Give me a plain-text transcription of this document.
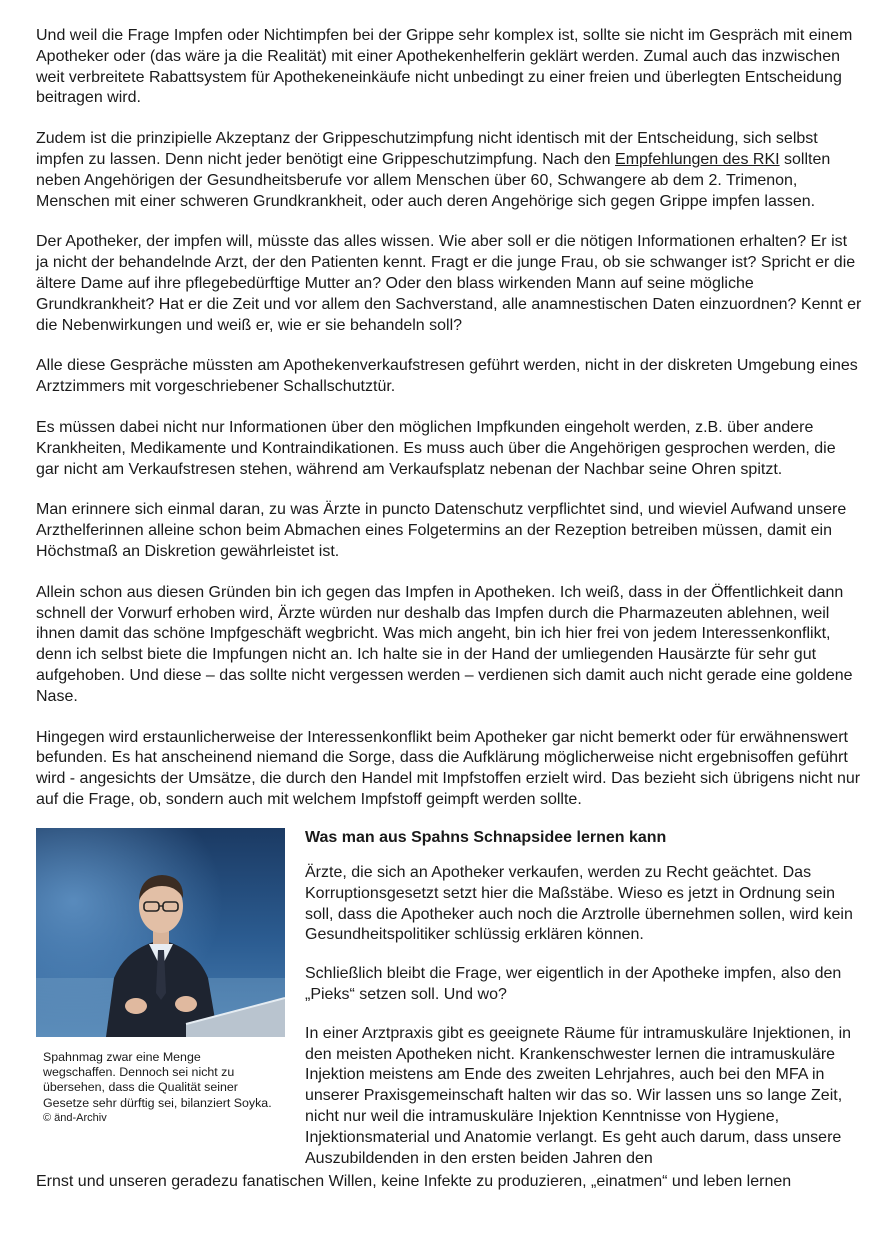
Und weil die Frage Impfen oder Nichtimpfen bei der Grippe sehr komplex ist, sollte sie nicht im Gespräch mit einem Apotheker oder (das wäre ja die Realität) mit einer Apothekenhelferin geklärt werden. Zumal auch das inzwischen weit verbreitete Rabattsystem für Apothekeneinkäufe nicht unbedingt zu einer freien und überlegten Entscheidung beitragen wird.

Zudem ist die prinzipielle Akzeptanz der Grippeschutzimpfung nicht identisch mit der Entscheidung, sich selbst impfen zu lassen. Denn nicht jeder benötigt eine Grippeschutzimpfung. Nach den Empfehlungen des RKI sollten neben Angehörigen der Gesundheitsberufe vor allem Menschen über 60, Schwangere ab dem 2. Trimenon, Menschen mit einer schweren Grundkrankheit, oder auch deren Angehörige sich gegen Grippe impfen lassen.

Der Apotheker, der impfen will, müsste das alles wissen. Wie aber soll er die nötigen Informationen erhalten? Er ist ja nicht der behandelnde Arzt, der den Patienten kennt. Fragt er die junge Frau, ob sie schwanger ist? Spricht er die ältere Dame auf ihre pflegebedürftige Mutter an? Oder den blass wirkenden Mann auf seine mögliche Grundkrankheit? Hat er die Zeit und vor allem den Sachverstand, alle anamnestischen Daten einzuordnen? Kennt er die Nebenwirkungen und weiß er, wie er sie behandeln soll?

Alle diese Gespräche müssten am Apothekenverkaufstresen geführt werden, nicht in der diskreten Umgebung eines Arztzimmers mit vorgeschriebener Schallschutztür.

Es müssen dabei nicht nur Informationen über den möglichen Impfkunden eingeholt werden, z.B. über andere Krankheiten, Medikamente und Kontraindikationen. Es muss auch über die Angehörigen gesprochen werden, die gar nicht am Verkaufstresen stehen, während am Verkaufsplatz nebenan der Nachbar seine Ohren spitzt.

Man erinnere sich einmal daran, zu was Ärzte in puncto Datenschutz verpflichtet sind, und wieviel Aufwand unsere Arzthelferinnen alleine schon beim Abmachen eines Folgetermins an der Rezeption betreiben müssen, damit ein Höchstmaß an Diskretion gewährleistet ist.

Allein schon aus diesen Gründen bin ich gegen das Impfen in Apotheken. Ich weiß, dass in der Öffentlichkeit dann schnell der Vorwurf erhoben wird, Ärzte würden nur deshalb das Impfen durch die Pharmazeuten ablehnen, weil ihnen damit das schöne Impfgeschäft wegbricht. Was mich angeht, bin ich hier frei von jedem Interessenkonflikt, denn ich selbst biete die Impfungen nicht an. Ich halte sie in der Hand der umliegenden Hausärzte für sehr gut aufgehoben. Und diese – das sollte nicht vergessen werden – verdienen sich damit auch nicht gerade eine goldene Nase.

Hingegen wird erstaunlicherweise der Interessenkonflikt beim Apotheker gar nicht bemerkt oder für erwähnenswert befunden. Es hat anscheinend niemand die Sorge, dass die Aufklärung möglicherweise nicht ergebnisoffen geführt wird - angesichts der Umsätze, die durch den Handel mit Impfstoffen erzielt wird. Das bezieht sich übrigens nicht nur auf die Frage, ob, sondern auch mit welchem Impfstoff geimpft werden sollte.

Spahnmag zwar eine Menge wegschaffen. Dennoch sei nicht zu übersehen, dass die Qualität seiner Gesetze sehr dürftig sei, bilanziert Soyka.
© änd-Archiv
Was man aus Spahns Schnapsidee lernen kann

Ärzte, die sich an Apotheker verkaufen, werden zu Recht geächtet. Das Korruptionsgesetzt setzt hier die Maßstäbe. Wieso es jetzt in Ordnung sein soll, dass die Apotheker auch noch die Arztrolle übernehmen sollen, wird kein Gesundheitspolitiker schlüssig erklären können.

Schließlich bleibt die Frage, wer eigentlich in der Apotheke impfen, also den „Pieks“ setzen soll. Und wo?

In einer Arztpraxis gibt es geeignete Räume für intramuskuläre Injektionen, in den meisten Apotheken nicht. Krankenschwester lernen die intramuskuläre Injektion meistens am Ende des zweiten Lehrjahres, auch bei den MFA in unserer Praxisgemeinschaft halten wir das so. Wir lassen uns so lange Zeit, nicht nur weil die intramuskuläre Injektion Kenntnisse von Hygiene, Injektionsmaterial und Anatomie verlangt. Es geht auch darum, dass unsere Auszubildenden in den ersten beiden Jahren den

Ernst und unseren geradezu fanatischen Willen, keine Infekte zu produzieren, „einatmen“ und leben lernen
